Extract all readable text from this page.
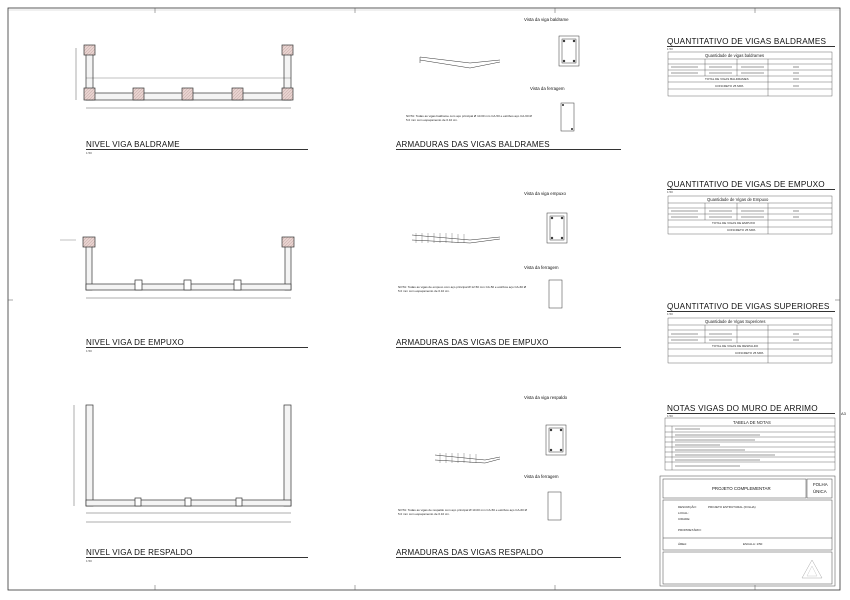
NIVEL VIGA BALDRAME
1:50
NIVEL VIGA DE EMPUXO
1:50
NIVEL VIGA DE RESPALDO
1:50
ARMADURAS DAS VIGAS BALDRAMES
ARMADURAS DAS VIGAS DE EMPUXO
ARMADURAS DAS VIGAS RESPALDO
Vista da viga baldrame
Vista da ferragem
NOTA: Todas as vigas baldrame com aço principal Ø 10.00 mm CA-50 e estribos aço CA-60 Ø 5.0 mm com espaçamento de 0.10 cm.
Vista da viga empuxo
Vista da ferragem
NOTA: Todas as vigas de empuxo com aço principal Ø 12.50 mm CA-50 e estribos aço CA-60 Ø 5.0 mm com espaçamento de 0.10 cm.
Vista da viga respaldo
Vista da ferragem
NOTA: Todas as vigas de respaldo com aço principal Ø 10.00 mm CA-50 e estribos aço CA-60 Ø 5.0 mm com espaçamento de 0.10 cm.
QUANTITATIVO DE VIGAS BALDRAMES
1:50
Quantidade de vigas baldrames
TOTAL DE VIGAS BALDRAMES
CONCRETO 25 MPA
QUANTITATIVO DE VIGAS DE EMPUXO
1:50
Quantidade de Vigas de Empuxo
TOTAL DE VIGAS DE EMPUXO
CONCRETO 25 MPA
QUANTITATIVO DE VIGAS SUPERIORES
1:50
Quantidade de Vigas Superiores
TOTAL DE VIGAS DE RESPALDO
CONCRETO 25 MPA
NOTAS VIGAS DO MURO DE ARRIMO
1:50
TABELA DE NOTAS
PROJETO COMPLEMENTAR
FOLHA
ÚNICA
DESCRIÇÃO:	PROJETO ESTRUTURAL (FOLHA)
LOCAL:
CIDADE:
PROPRIETÁRIO:
ÁREA:	ESCALA: 1/50
A3
